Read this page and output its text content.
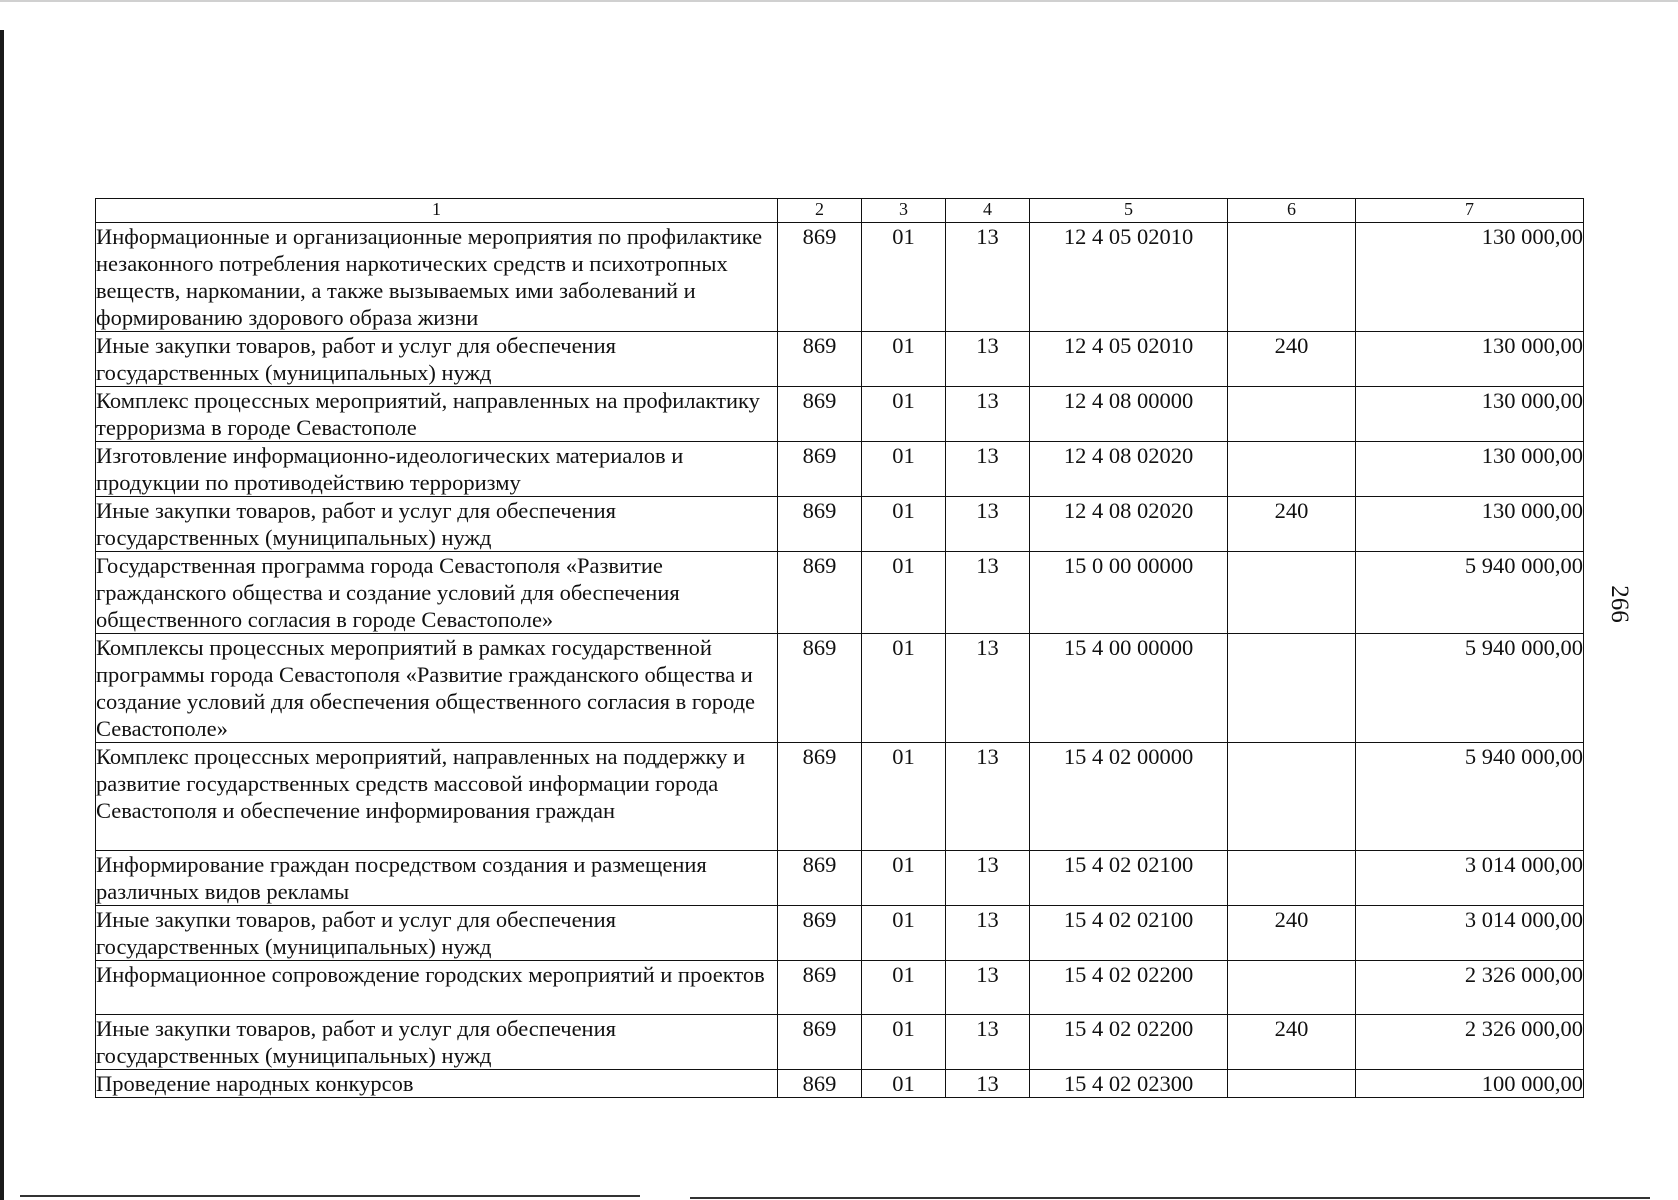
266
1	2	3	4	5	6	7
Информационные и организационные мероприятия по профилактике незаконного потребления наркотических средств и психотропных веществ, наркомании, а также вызываемых ими заболеваний и формированию здорового образа жизни	869	01	13	12 4 05 02010		130 000,00
Иные закупки товаров, работ и услуг для обеспечения государственных (муниципальных) нужд	869	01	13	12 4 05 02010	240	130 000,00
Комплекс процессных мероприятий, направленных на профилактику терроризма в городе Севастополе	869	01	13	12 4 08 00000		130 000,00
Изготовление информационно-идеологических материалов и продукции по противодействию терроризму	869	01	13	12 4 08 02020		130 000,00
Иные закупки товаров, работ и услуг для обеспечения государственных (муниципальных) нужд	869	01	13	12 4 08 02020	240	130 000,00
Государственная программа города Севастополя «Развитие гражданского общества и создание условий для обеспечения общественного согласия в городе Севастополе»	869	01	13	15 0 00 00000		5 940 000,00
Комплексы процессных мероприятий в рамках государственной программы города Севастополя «Развитие гражданского общества и создание условий для обеспечения общественного согласия в городе Севастополе»	869	01	13	15 4 00 00000		5 940 000,00
Комплекс процессных мероприятий, направленных на поддержку и развитие государственных средств массовой информации города Севастополя и обеспечение информирования граждан	869	01	13	15 4 02 00000		5 940 000,00
Информирование граждан посредством создания и размещения различных видов рекламы	869	01	13	15 4 02 02100		3 014 000,00
Иные закупки товаров, работ и услуг для обеспечения государственных (муниципальных) нужд	869	01	13	15 4 02 02100	240	3 014 000,00
Информационное сопровождение городских мероприятий и проектов	869	01	13	15 4 02 02200		2 326 000,00
Иные закупки товаров, работ и услуг для обеспечения государственных (муниципальных) нужд	869	01	13	15 4 02 02200	240	2 326 000,00
Проведение народных конкурсов	869	01	13	15 4 02 02300		100 000,00
